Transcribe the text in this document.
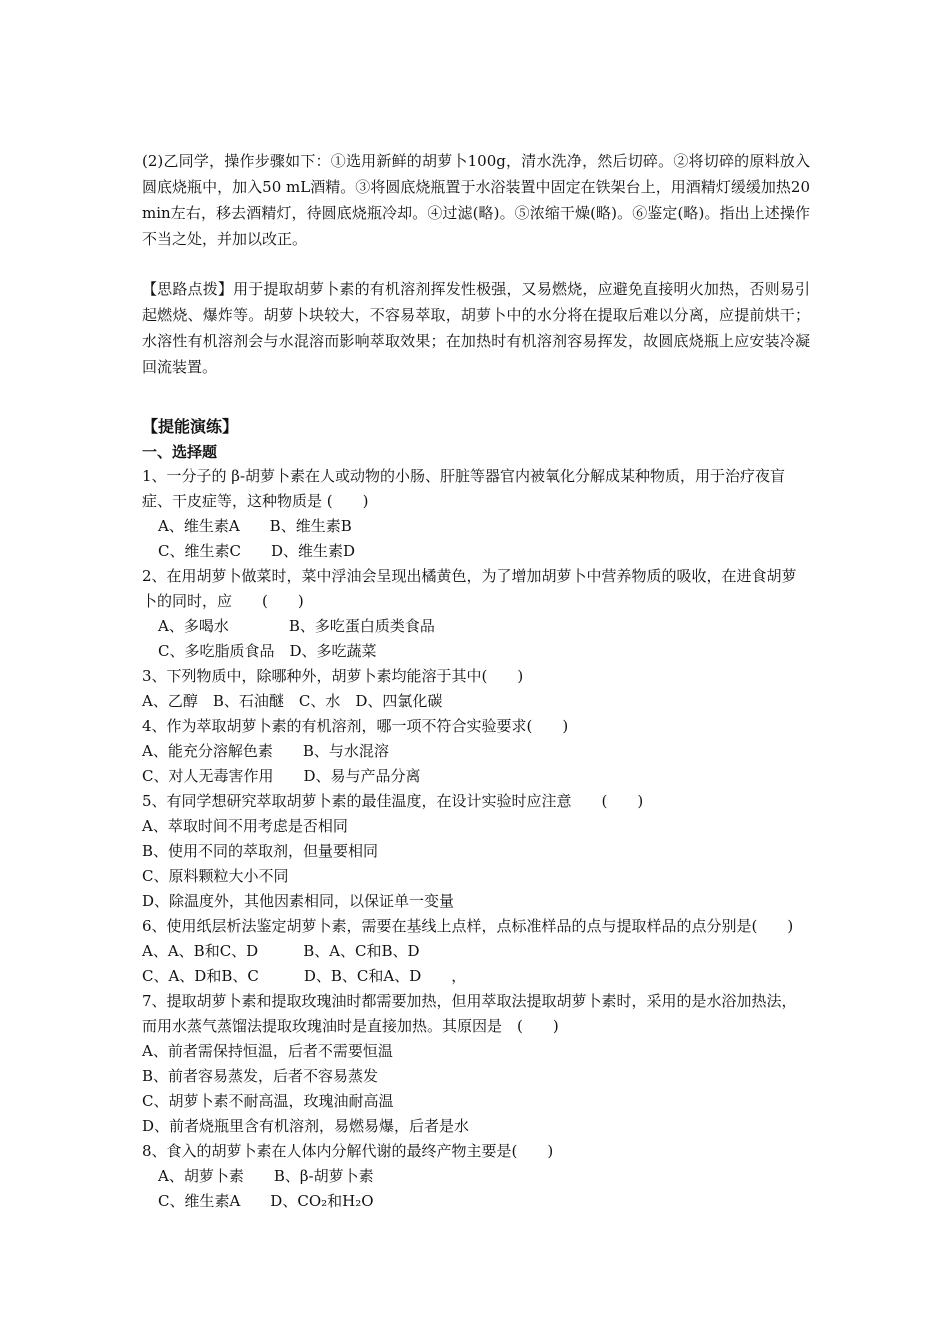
(2)乙同学，操作步骤如下：①选用新鲜的胡萝卜100g，清水洗净，然后切碎。②将切碎的原料放入圆底烧瓶中，加入50 mL酒精。③将圆底烧瓶置于水浴装置中固定在铁架台上，用酒精灯缓缓加热20 min左右，移去酒精灯，待圆底烧瓶冷却。④过滤(略)。⑤浓缩干燥(略)。⑥鉴定(略)。指出上述操作不当之处，并加以改正。

【思路点拨】用于提取胡萝卜素的有机溶剂挥发性极强，又易燃烧，应避免直接明火加热，否则易引起燃烧、爆炸等。胡萝卜块较大，不容易萃取，胡萝卜中的水分将在提取后难以分离，应提前烘干；水溶性有机溶剂会与水混溶而影响萃取效果；在加热时有机溶剂容易挥发，故圆底烧瓶上应安装冷凝回流装置。

【提能演练】

一、选择题

1、一分子的 β-胡萝卜素在人或动物的小肠、肝脏等器官内被氧化分解成某种物质，用于治疗夜盲症、干皮症等，这种物质是 (　　)

A、维生素A　　B、维生素B

C、维生素C　　D、维生素D

2、在用胡萝卜做菜时，菜中浮油会呈现出橘黄色，为了增加胡萝卜中营养物质的吸收，在进食胡萝卜的同时，应　　(　　)

A、多喝水　　　　B、多吃蛋白质类食品

C、多吃脂质食品　D、多吃蔬菜

3、下列物质中，除哪种外，胡萝卜素均能溶于其中(　　)

A、乙醇　B、石油醚　C、水　D、四氯化碳

4、作为萃取胡萝卜素的有机溶剂，哪一项不符合实验要求(　　)

A、能充分溶解色素　　B、与水混溶

C、对人无毒害作用　　D、易与产品分离

5、有同学想研究萃取胡萝卜素的最佳温度，在设计实验时应注意　　(　　)

A、萃取时间不用考虑是否相同

B、使用不同的萃取剂，但量要相同

C、原料颗粒大小不同

D、除温度外，其他因素相同，以保证单一变量

6、使用纸层析法鉴定胡萝卜素，需要在基线上点样，点标准样品的点与提取样品的点分别是(　　)

A、A、B和C、D　　　B、A、C和B、D

C、A、D和B、C　　　D、B、C和A、D　　，

7、提取胡萝卜素和提取玫瑰油时都需要加热，但用萃取法提取胡萝卜素时，采用的是水浴加热法，而用水蒸气蒸馏法提取玫瑰油时是直接加热。其原因是　(　　)

A、前者需保持恒温，后者不需要恒温

B、前者容易蒸发，后者不容易蒸发

C、胡萝卜素不耐高温，玫瑰油耐高温

D、前者烧瓶里含有机溶剂，易燃易爆，后者是水

8、食入的胡萝卜素在人体内分解代谢的最终产物主要是(　　)

A、胡萝卜素　　B、β-胡萝卜素

C、维生素A　　D、CO₂和H₂O
